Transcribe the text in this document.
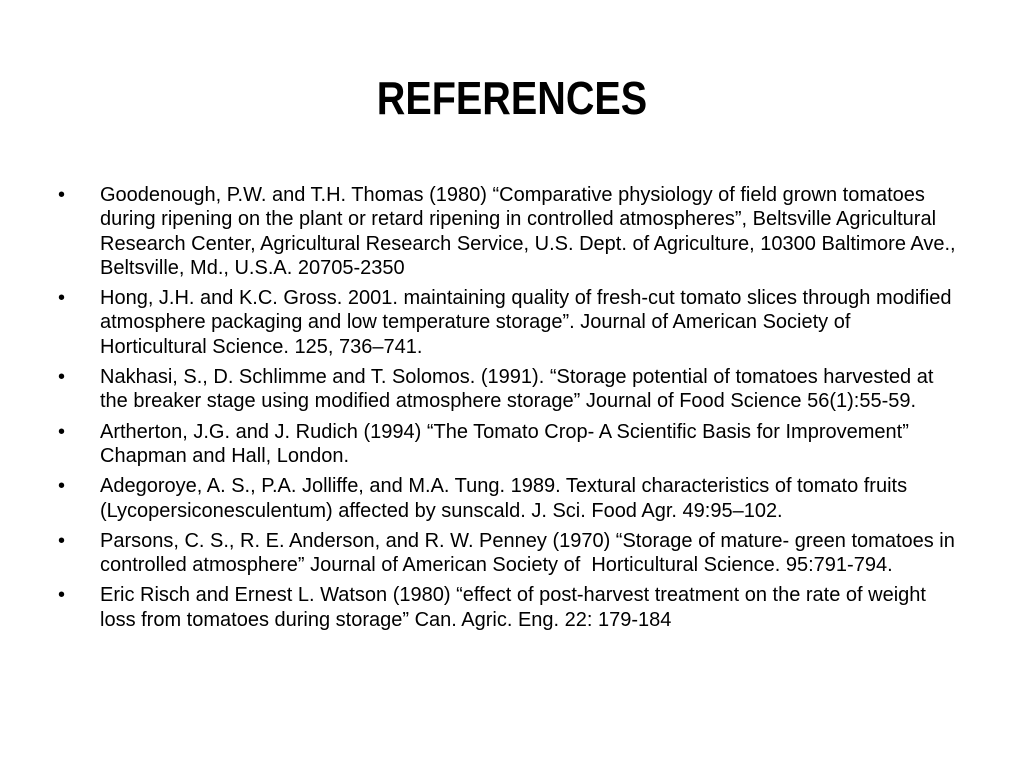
REFERENCES
•	Goodenough, P.W. and T.H. Thomas (1980) “Comparative physiology of field grown tomatoes during ripening on the plant or retard ripening in controlled atmospheres”, Beltsville Agricultural Research Center, Agricultural Research Service, U.S. Dept. of Agriculture, 10300 Baltimore Ave., Beltsville, Md., U.S.A. 20705-2350
•	Hong, J.H. and K.C. Gross. 2001. maintaining quality of fresh-cut tomato slices through modified atmosphere packaging and low temperature storage”. Journal of American Society of   Horticultural Science. 125, 736–741.
•	Nakhasi, S., D. Schlimme and T. Solomos. (1991). “Storage potential of tomatoes harvested at the breaker stage using modified atmosphere storage” Journal of Food Science 56(1):55-59.
•	Artherton, J.G. and J. Rudich (1994) “The Tomato Crop- A Scientific Basis for Improvement” Chapman and Hall, London.
•	Adegoroye, A. S., P.A. Jolliffe, and M.A. Tung. 1989. Textural characteristics of tomato fruits (Lycopersiconesculentum) affected by sunscald. J. Sci. Food Agr. 49:95–102.
•	Parsons, C. S., R. E. Anderson, and R. W. Penney (1970) “Storage of mature- green tomatoes in controlled atmosphere” Journal of American Society of  Horticultural Science. 95:791-794.
•	Eric Risch and Ernest L. Watson (1980) “effect of post-harvest treatment on the rate of weight loss from tomatoes during storage” Can. Agric. Eng. 22: 179-184
